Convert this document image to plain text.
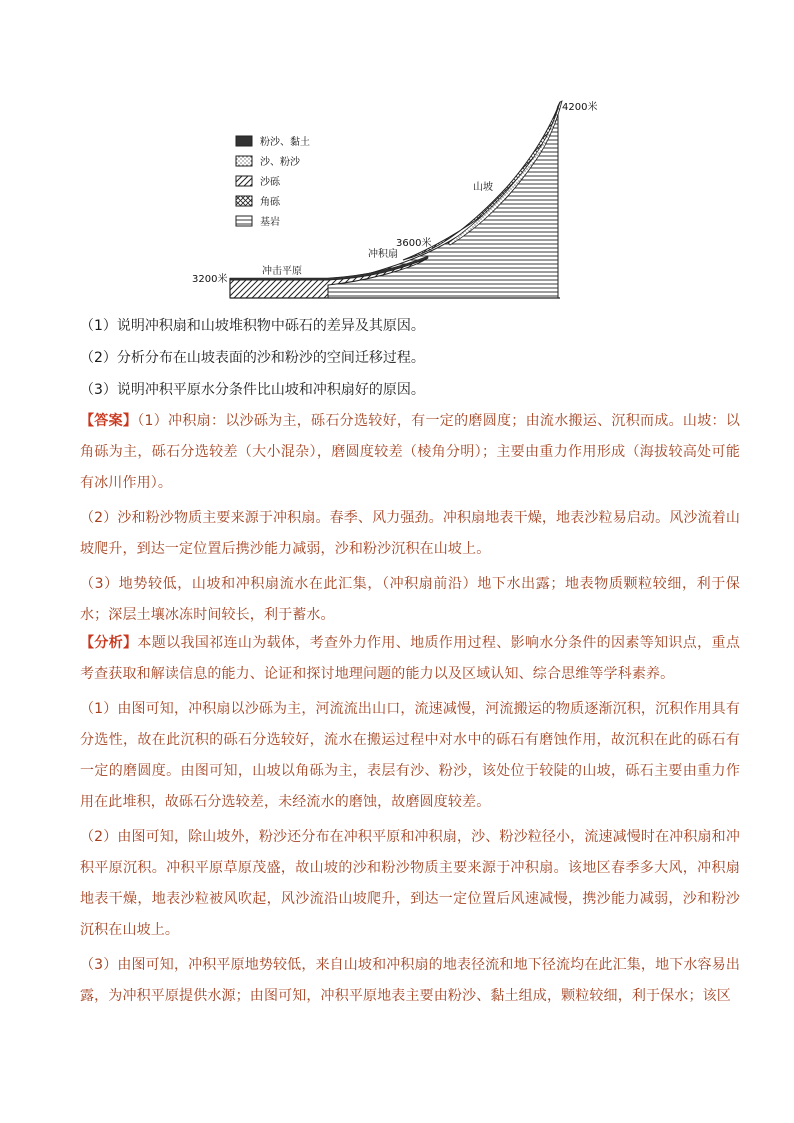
粉沙、黏土
沙、粉沙
沙砾
角砾
基岩
4200米
3600米
3200米
山坡
冲积扇
冲击平原

（1）说明冲积扇和山坡堆积物中砾石的差异及其原因。

（2）分析分布在山坡表面的沙和粉沙的空间迁移过程。

（3）说明冲积平原水分条件比山坡和冲积扇好的原因。

【答案】（1）冲积扇：以沙砾为主，砾石分选较好，有一定的磨圆度；由流水搬运、沉积而成。山坡：以角砾为主，砾石分选较差（大小混杂），磨圆度较差（棱角分明）；主要由重力作用形成（海拔较高处可能有冰川作用）。

（2）沙和粉沙物质主要来源于冲积扇。春季、风力强劲。冲积扇地表干燥，地表沙粒易启动。风沙流着山坡爬升，到达一定位置后携沙能力减弱，沙和粉沙沉积在山坡上。

（3）地势较低，山坡和冲积扇流水在此汇集，（冲积扇前沿）地下水出露；地表物质颗粒较细，利于保水；深层土壤冰冻时间较长，利于蓄水。

【分析】本题以我国祁连山为载体，考查外力作用、地质作用过程、影响水分条件的因素等知识点，重点考查获取和解读信息的能力、论证和探讨地理问题的能力以及区域认知、综合思维等学科素养。

（1）由图可知，冲积扇以沙砾为主，河流流出山口，流速减慢，河流搬运的物质逐渐沉积，沉积作用具有分选性，故在此沉积的砾石分选较好，流水在搬运过程中对水中的砾石有磨蚀作用，故沉积在此的砾石有一定的磨圆度。由图可知，山坡以角砾为主，表层有沙、粉沙，该处位于较陡的山坡，砾石主要由重力作用在此堆积，故砾石分选较差，未经流水的磨蚀，故磨圆度较差。

（2）由图可知，除山坡外，粉沙还分布在冲积平原和冲积扇，沙、粉沙粒径小，流速减慢时在冲积扇和冲积平原沉积。冲积平原草原茂盛，故山坡的沙和粉沙物质主要来源于冲积扇。该地区春季多大风，冲积扇地表干燥，地表沙粒被风吹起，风沙流沿山坡爬升，到达一定位置后风速减慢，携沙能力减弱，沙和粉沙沉积在山坡上。

（3）由图可知，冲积平原地势较低，来自山坡和冲积扇的地表径流和地下径流均在此汇集，地下水容易出露，为冲积平原提供水源；由图可知，冲积平原地表主要由粉沙、黏土组成，颗粒较细，利于保水；该区
